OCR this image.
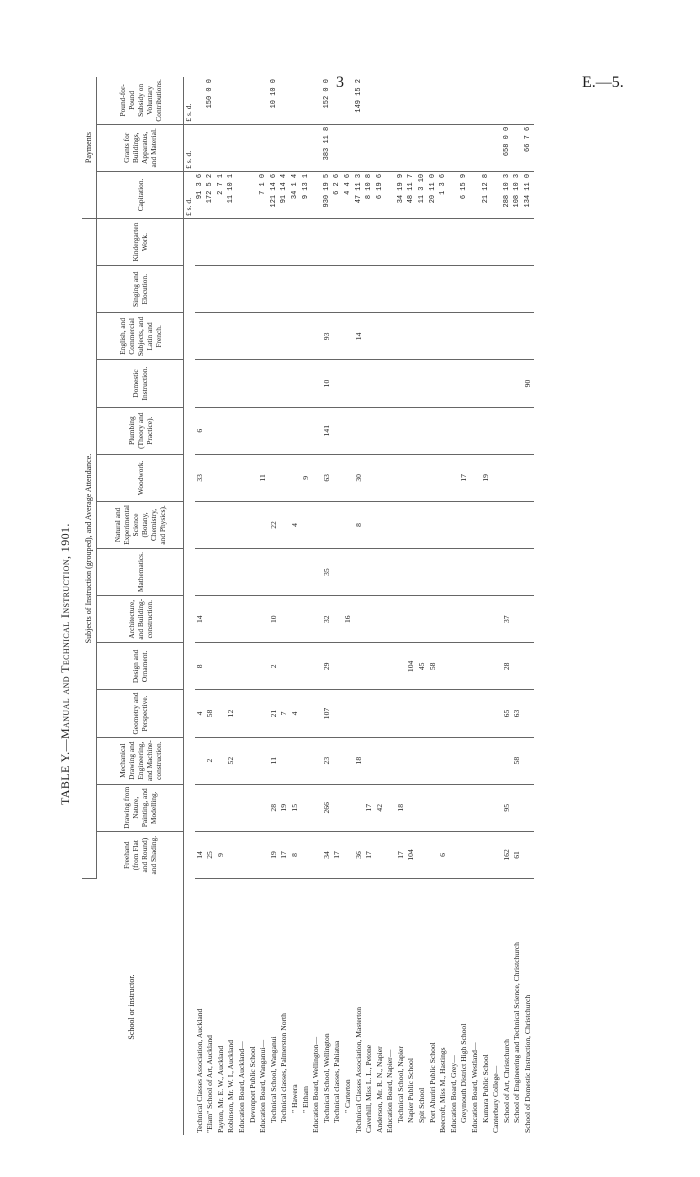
3	E.—5.
TABLE Y.—Manual and Technical Instruction, 1901.
School or instructor.	Subjects of Instruction (grouped), and Average Attendance.														Payments		
	Freehand (from Flat and Round) and Shading.	Drawing from Nature, Painting, and Modelling.	Mechanical Drawing and Engineering, and Machine-construction.	Geometry and Perspective.	Design and Ornament.	Architecture, and Building-construction.	Mathematics.	Natural and Experimental Science (Botany, Chemistry, and Physics).	Woodwork.	Plumbing (Theory and Practice).	Domestic Instruction.	English, and Commercial Subjects, and Latin and French.	Singing and Elocution.	Kindergarten Work.	Capitation.	Grants for Buildings, Apparatus, and Material.	Pound-for-Pound Subsidy on Voluntary Contributions.
															£ s. d.	£ s. d.	£ s. d.
Technical Classes Association, Auckland	14			4	8	14			33	6					91 3 6		
"Elam" School of Art, Auckland	25		2	58											172 5 2		150 0 0
Payton, Mr. E. W., Auckland	9														2 7 1		
Robinson, Mr. W. I., Auckland			52	12											11 10 1		
Education Board, Auckland—																	
Devonport Public School																	
Education Board, Wanganui—									11						7 1 0		
Technical School, Wanganui	19	28	11	21	2	10		22							121 14 6		10 10 0
Technical classes, Palmerston North	17	19		7											91 14 4		
" Hawera	8	15		4				4							34 1 4		
" Eltham									9						9 13 1		
Education Board, Wellington—																	
Technical School, Wellington	34	266	23	107	29	32	35		63	141	10	93			930 19 5	383 11 8	152 0 0
Technical classes, Pahiatua	17														6 2 6		
" Carterton						16									4 4 6		
Technical Classes Association, Masterton	36		18					8	30			14			47 11 3		149 15 2
Caverhill, Miss L. L., Petone	17	17													8 10 8		
Anderson, Mr. R. N., Napier		42													6 19 6		
Education Board, Napier—																	
Technical School, Napier	17	18													34 19 9		
Napier Public School	104				104										48 11 7		
Spit School					45										11 3 10		
Port Ahuriri Public School					58										20 11 0		
Beecroft, Miss M., Hastings	6														1 3 6		
Education Board, Grey—																	
Greymouth District High School									17						6 15 9		
Education Board, Westland—																	
Kumara Public School									19						21 12 8		
Canterbury College—																	
School of Art, Christchurch	162	95		65	28	37									288 10 3	658 0 0	
School of Engineering and Technical Science, Christchurch	61		58	63											108 10 3		
School of Domestic Instruction, Christchurch											90				134 11 0	66 7 6	
